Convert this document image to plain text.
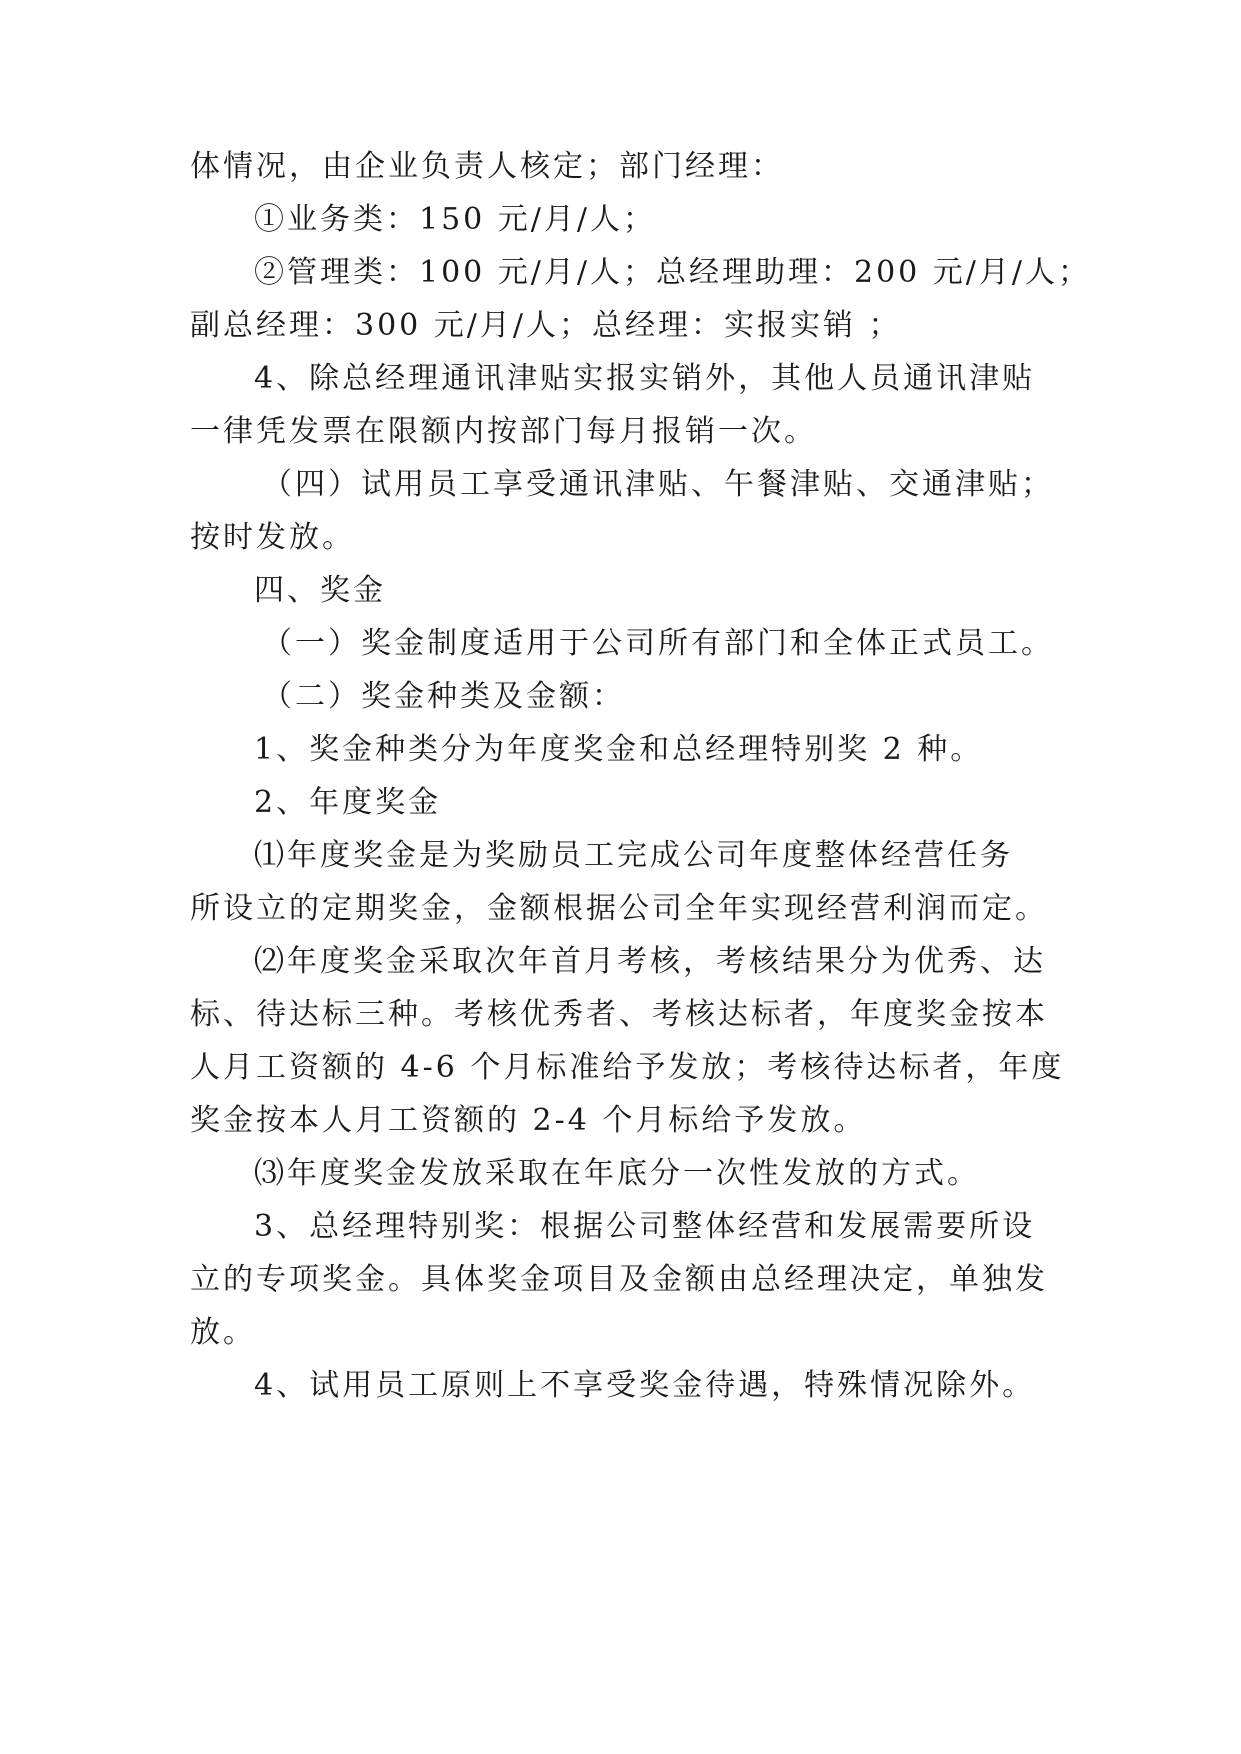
体情况，由企业负责人核定；部门经理：
①业务类：150 元/月/人；
②管理类：100 元/月/人；总经理助理：200 元/月/人；
副总经理：300 元/月/人；总经理：实报实销 ；
4、除总经理通讯津贴实报实销外，其他人员通讯津贴
一律凭发票在限额内按部门每月报销一次。
（四）试用员工享受通讯津贴、午餐津贴、交通津贴；
按时发放。
四、奖金
（一）奖金制度适用于公司所有部门和全体正式员工。
（二）奖金种类及金额：
1、奖金种类分为年度奖金和总经理特别奖 2 种。
2、年度奖金
⑴年度奖金是为奖励员工完成公司年度整体经营任务
所设立的定期奖金，金额根据公司全年实现经营利润而定。
⑵年度奖金采取次年首月考核，考核结果分为优秀、达
标、待达标三种。考核优秀者、考核达标者，年度奖金按本
人月工资额的 4-6 个月标准给予发放；考核待达标者，年度
奖金按本人月工资额的 2-4 个月标给予发放。
⑶年度奖金发放采取在年底分一次性发放的方式。
3、总经理特别奖：根据公司整体经营和发展需要所设
立的专项奖金。具体奖金项目及金额由总经理决定，单独发
放。
4、试用员工原则上不享受奖金待遇，特殊情况除外。
